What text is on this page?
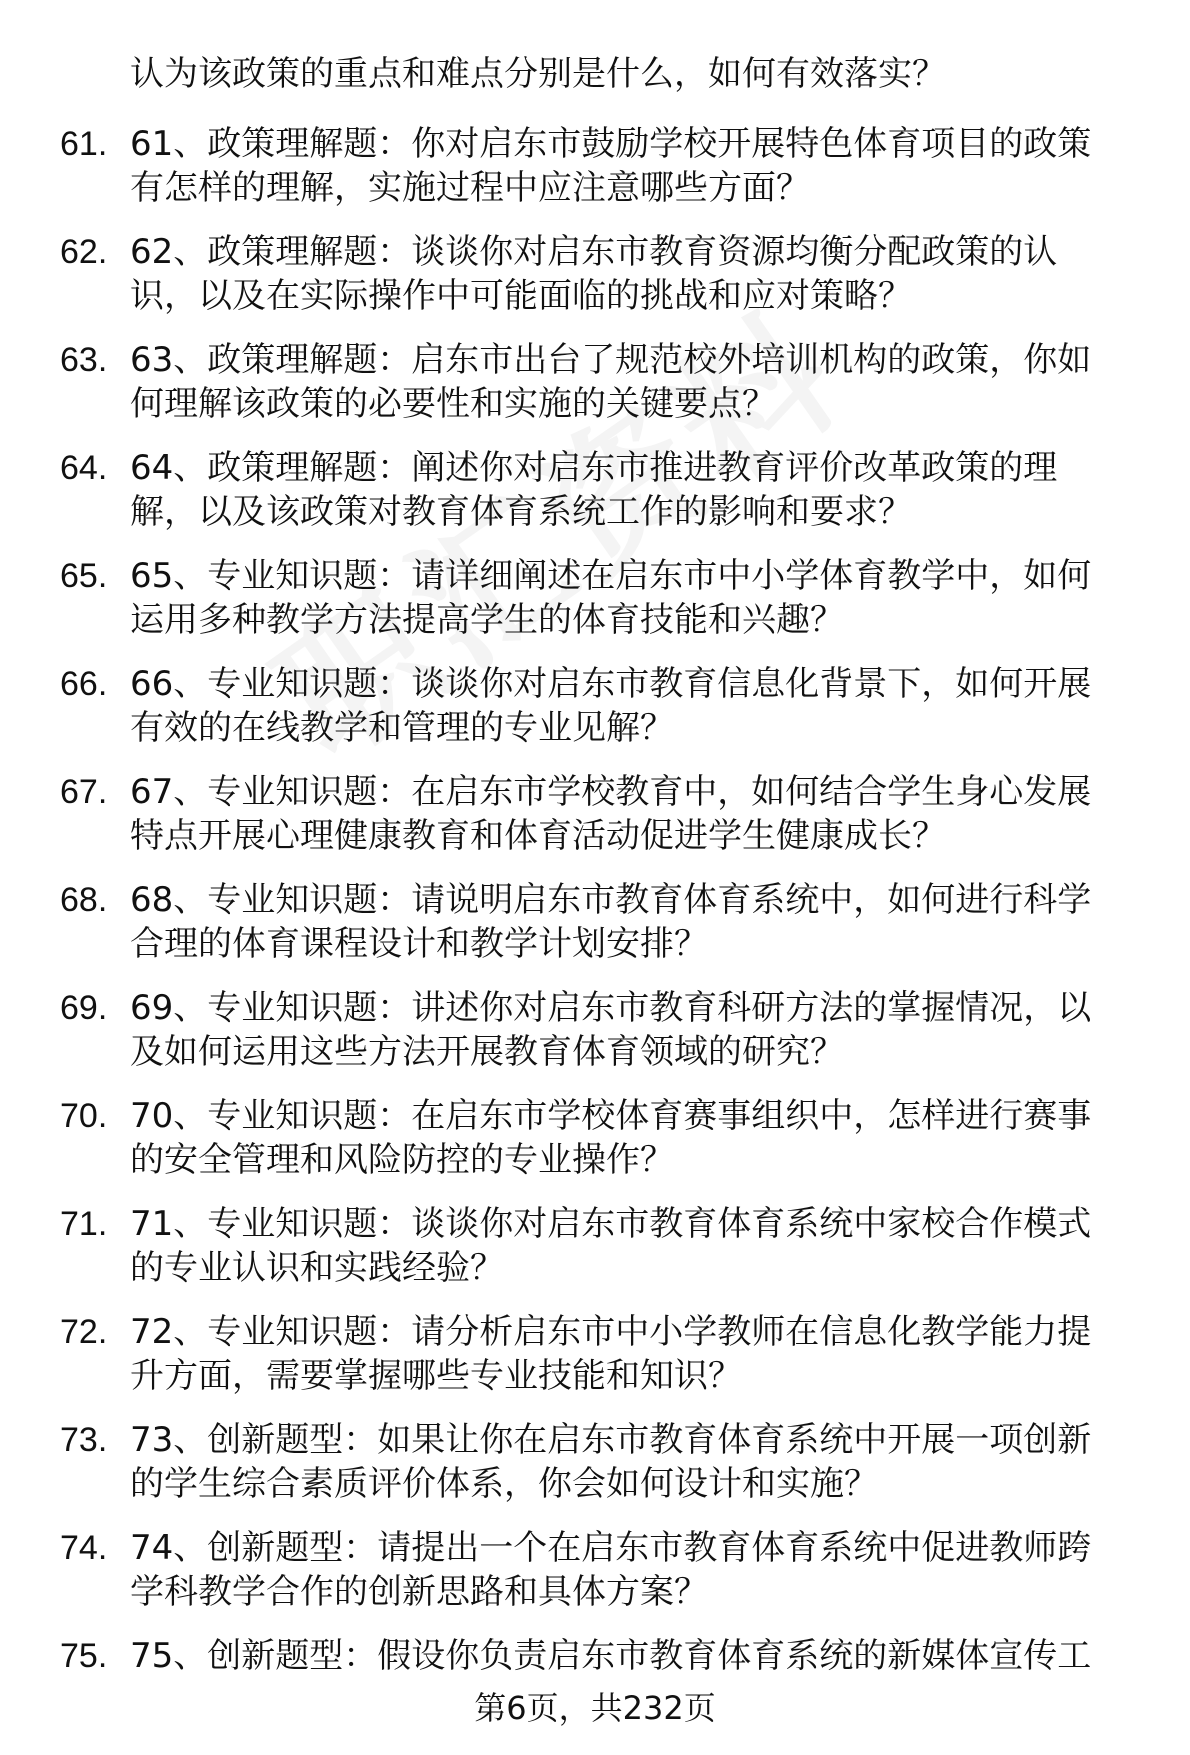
认为该政策的重点和难点分别是什么，如何有效落实？
61. 61、政策理解题：你对启东市鼓励学校开展特色体育项目的政策
有怎样的理解，实施过程中应注意哪些方面？
62. 62、政策理解题：谈谈你对启东市教育资源均衡分配政策的认
识，以及在实际操作中可能面临的挑战和应对策略？
63. 63、政策理解题：启东市出台了规范校外培训机构的政策，你如
何理解该政策的必要性和实施的关键要点？
64. 64、政策理解题：阐述你对启东市推进教育评价改革政策的理
解，以及该政策对教育体育系统工作的影响和要求？
65. 65、专业知识题：请详细阐述在启东市中小学体育教学中，如何
运用多种教学方法提高学生的体育技能和兴趣？
66. 66、专业知识题：谈谈你对启东市教育信息化背景下，如何开展
有效的在线教学和管理的专业见解？
67. 67、专业知识题：在启东市学校教育中，如何结合学生身心发展
特点开展心理健康教育和体育活动促进学生健康成长？
68. 68、专业知识题：请说明启东市教育体育系统中，如何进行科学
合理的体育课程设计和教学计划安排？
69. 69、专业知识题：讲述你对启东市教育科研方法的掌握情况，以
及如何运用这些方法开展教育体育领域的研究？
70. 70、专业知识题：在启东市学校体育赛事组织中，怎样进行赛事
的安全管理和风险防控的专业操作？
71. 71、专业知识题：谈谈你对启东市教育体育系统中家校合作模式
的专业认识和实践经验？
72. 72、专业知识题：请分析启东市中小学教师在信息化教学能力提
升方面，需要掌握哪些专业技能和知识？
73. 73、创新题型：如果让你在启东市教育体育系统中开展一项创新
的学生综合素质评价体系，你会如何设计和实施？
74. 74、创新题型：请提出一个在启东市教育体育系统中促进教师跨
学科教学合作的创新思路和具体方案？
75. 75、创新题型：假设你负责启东市教育体育系统的新媒体宣传工
第6页，共232页
